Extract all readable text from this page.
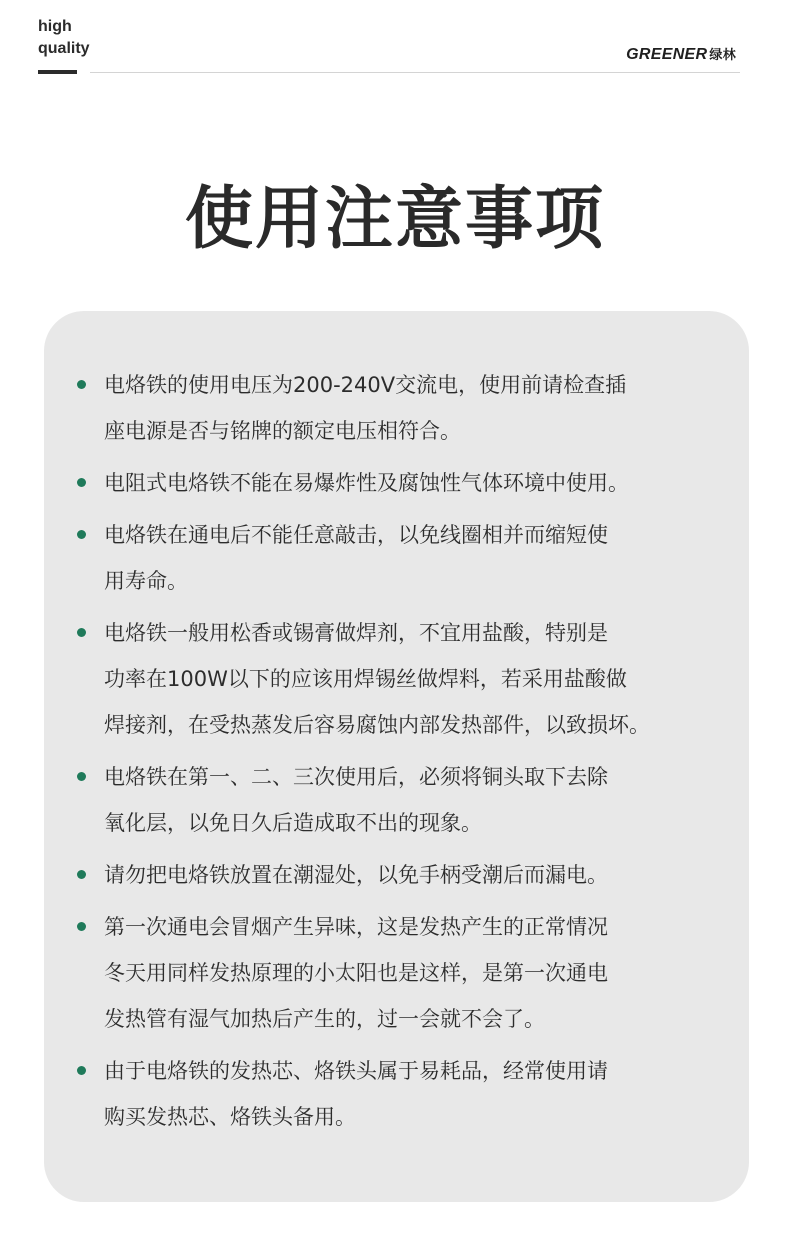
high
quality	GREENER 绿林
使用注意事项
电烙铁的使用电压为200-240V交流电，使用前请检查插
座电源是否与铭牌的额定电压相符合。
电阻式电烙铁不能在易爆炸性及腐蚀性气体环境中使用。
电烙铁在通电后不能任意敲击，以免线圈相并而缩短使
用寿命。
电烙铁一般用松香或锡膏做焊剂，不宜用盐酸，特别是
功率在100W以下的应该用焊锡丝做焊料，若采用盐酸做
焊接剂，在受热蒸发后容易腐蚀内部发热部件，以致损坏。
电烙铁在第一、二、三次使用后，必须将铜头取下去除
氧化层，以免日久后造成取不出的现象。
请勿把电烙铁放置在潮湿处，以免手柄受潮后而漏电。
第一次通电会冒烟产生异味，这是发热产生的正常情况
冬天用同样发热原理的小太阳也是这样，是第一次通电
发热管有湿气加热后产生的，过一会就不会了。
由于电烙铁的发热芯、烙铁头属于易耗品，经常使用请
购买发热芯、烙铁头备用。
